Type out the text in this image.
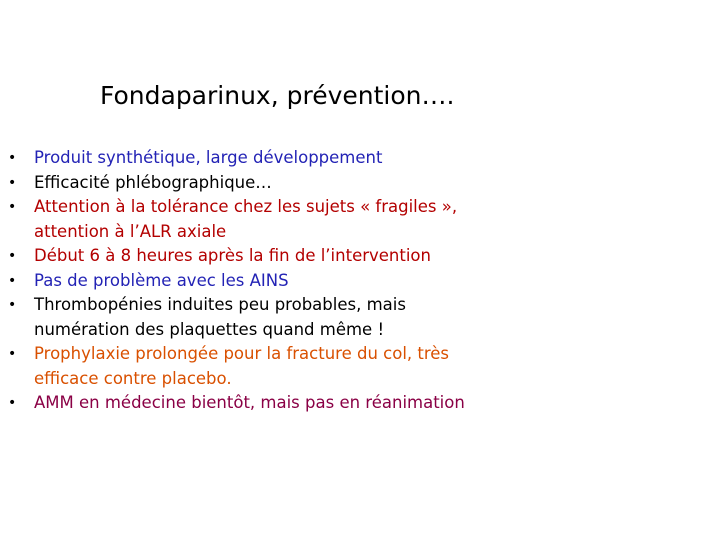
Fondaparinux, prévention….
•	Produit synthétique, large développement
•	Efficacité phlébographique…
•	Attention à la tolérance chez les sujets « fragiles »,
attention à l’ALR axiale
•	Début 6 à 8 heures après la fin de l’intervention
•	Pas de problème avec les AINS
•	Thrombopénies induites peu probables, mais
numération des plaquettes quand même !
•	Prophylaxie prolongée pour la fracture du col, très
efficace contre placebo.
•	AMM en médecine bientôt, mais pas en réanimation
